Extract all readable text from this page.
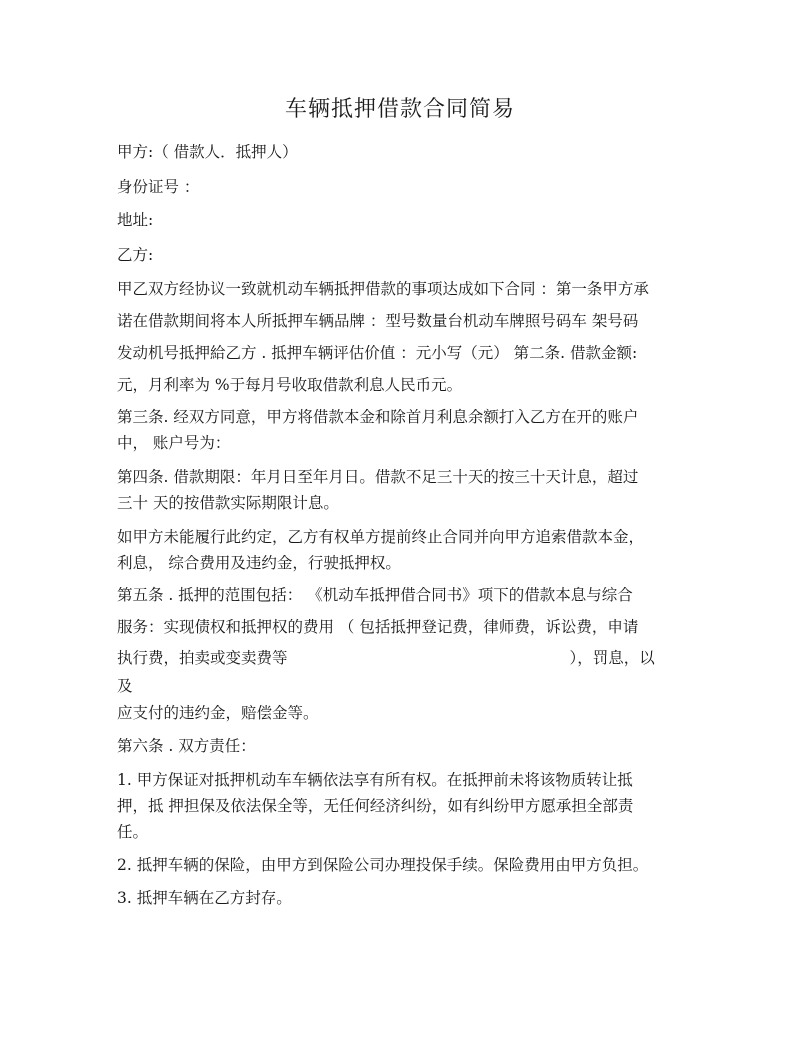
车辆抵押借款合同简易
甲方:（ 借款人．抵押人）
身份证号 ：
地址:
乙方:
甲乙双方经协议一致就机动车辆抵押借款的事项达成如下合同 ：第一条甲方承
诺在借款期间将本人所抵押车辆品牌 ：型号数量台机动车牌照号码车 架号码
发动机号抵押給乙方 . 抵押车辆评估价值 ：元小写（元） 第二条. 借款金额:
元，月利率为 %于每月号收取借款利息人民币元。
第三条. 经双方同意，甲方将借款本金和除首月利息余额打入乙方在开的账户
中， 账户号为：
第四条. 借款期限：年月日至年月日。借款不足三十天的按三十天计息，超过
三十 天的按借款实际期限计息。
如甲方未能履行此约定，乙方有权单方提前终止合同并向甲方追索借款本金，
利息， 综合费用及违约金，行驶抵押权。
第五条 . 抵押的范围包括： 《机动车抵押借合同书》项下的借款本息与综合
服务：实现债权和抵押权的费用 （ 包括抵押登记费，律师费，诉讼费，申请
执行费，拍卖或变卖费等	），罚息，以
及
应支付的违约金，赔偿金等。
第六条 . 双方责任：
1. 甲方保证对抵押机动车车辆依法享有所有权。在抵押前未将该物质转让抵
押，抵 押担保及依法保全等，无任何经济纠纷，如有纠纷甲方愿承担全部责
任。
2. 抵押车辆的保险，由甲方到保险公司办理投保手续。保险费用由甲方负担。
3. 抵押车辆在乙方封存。
